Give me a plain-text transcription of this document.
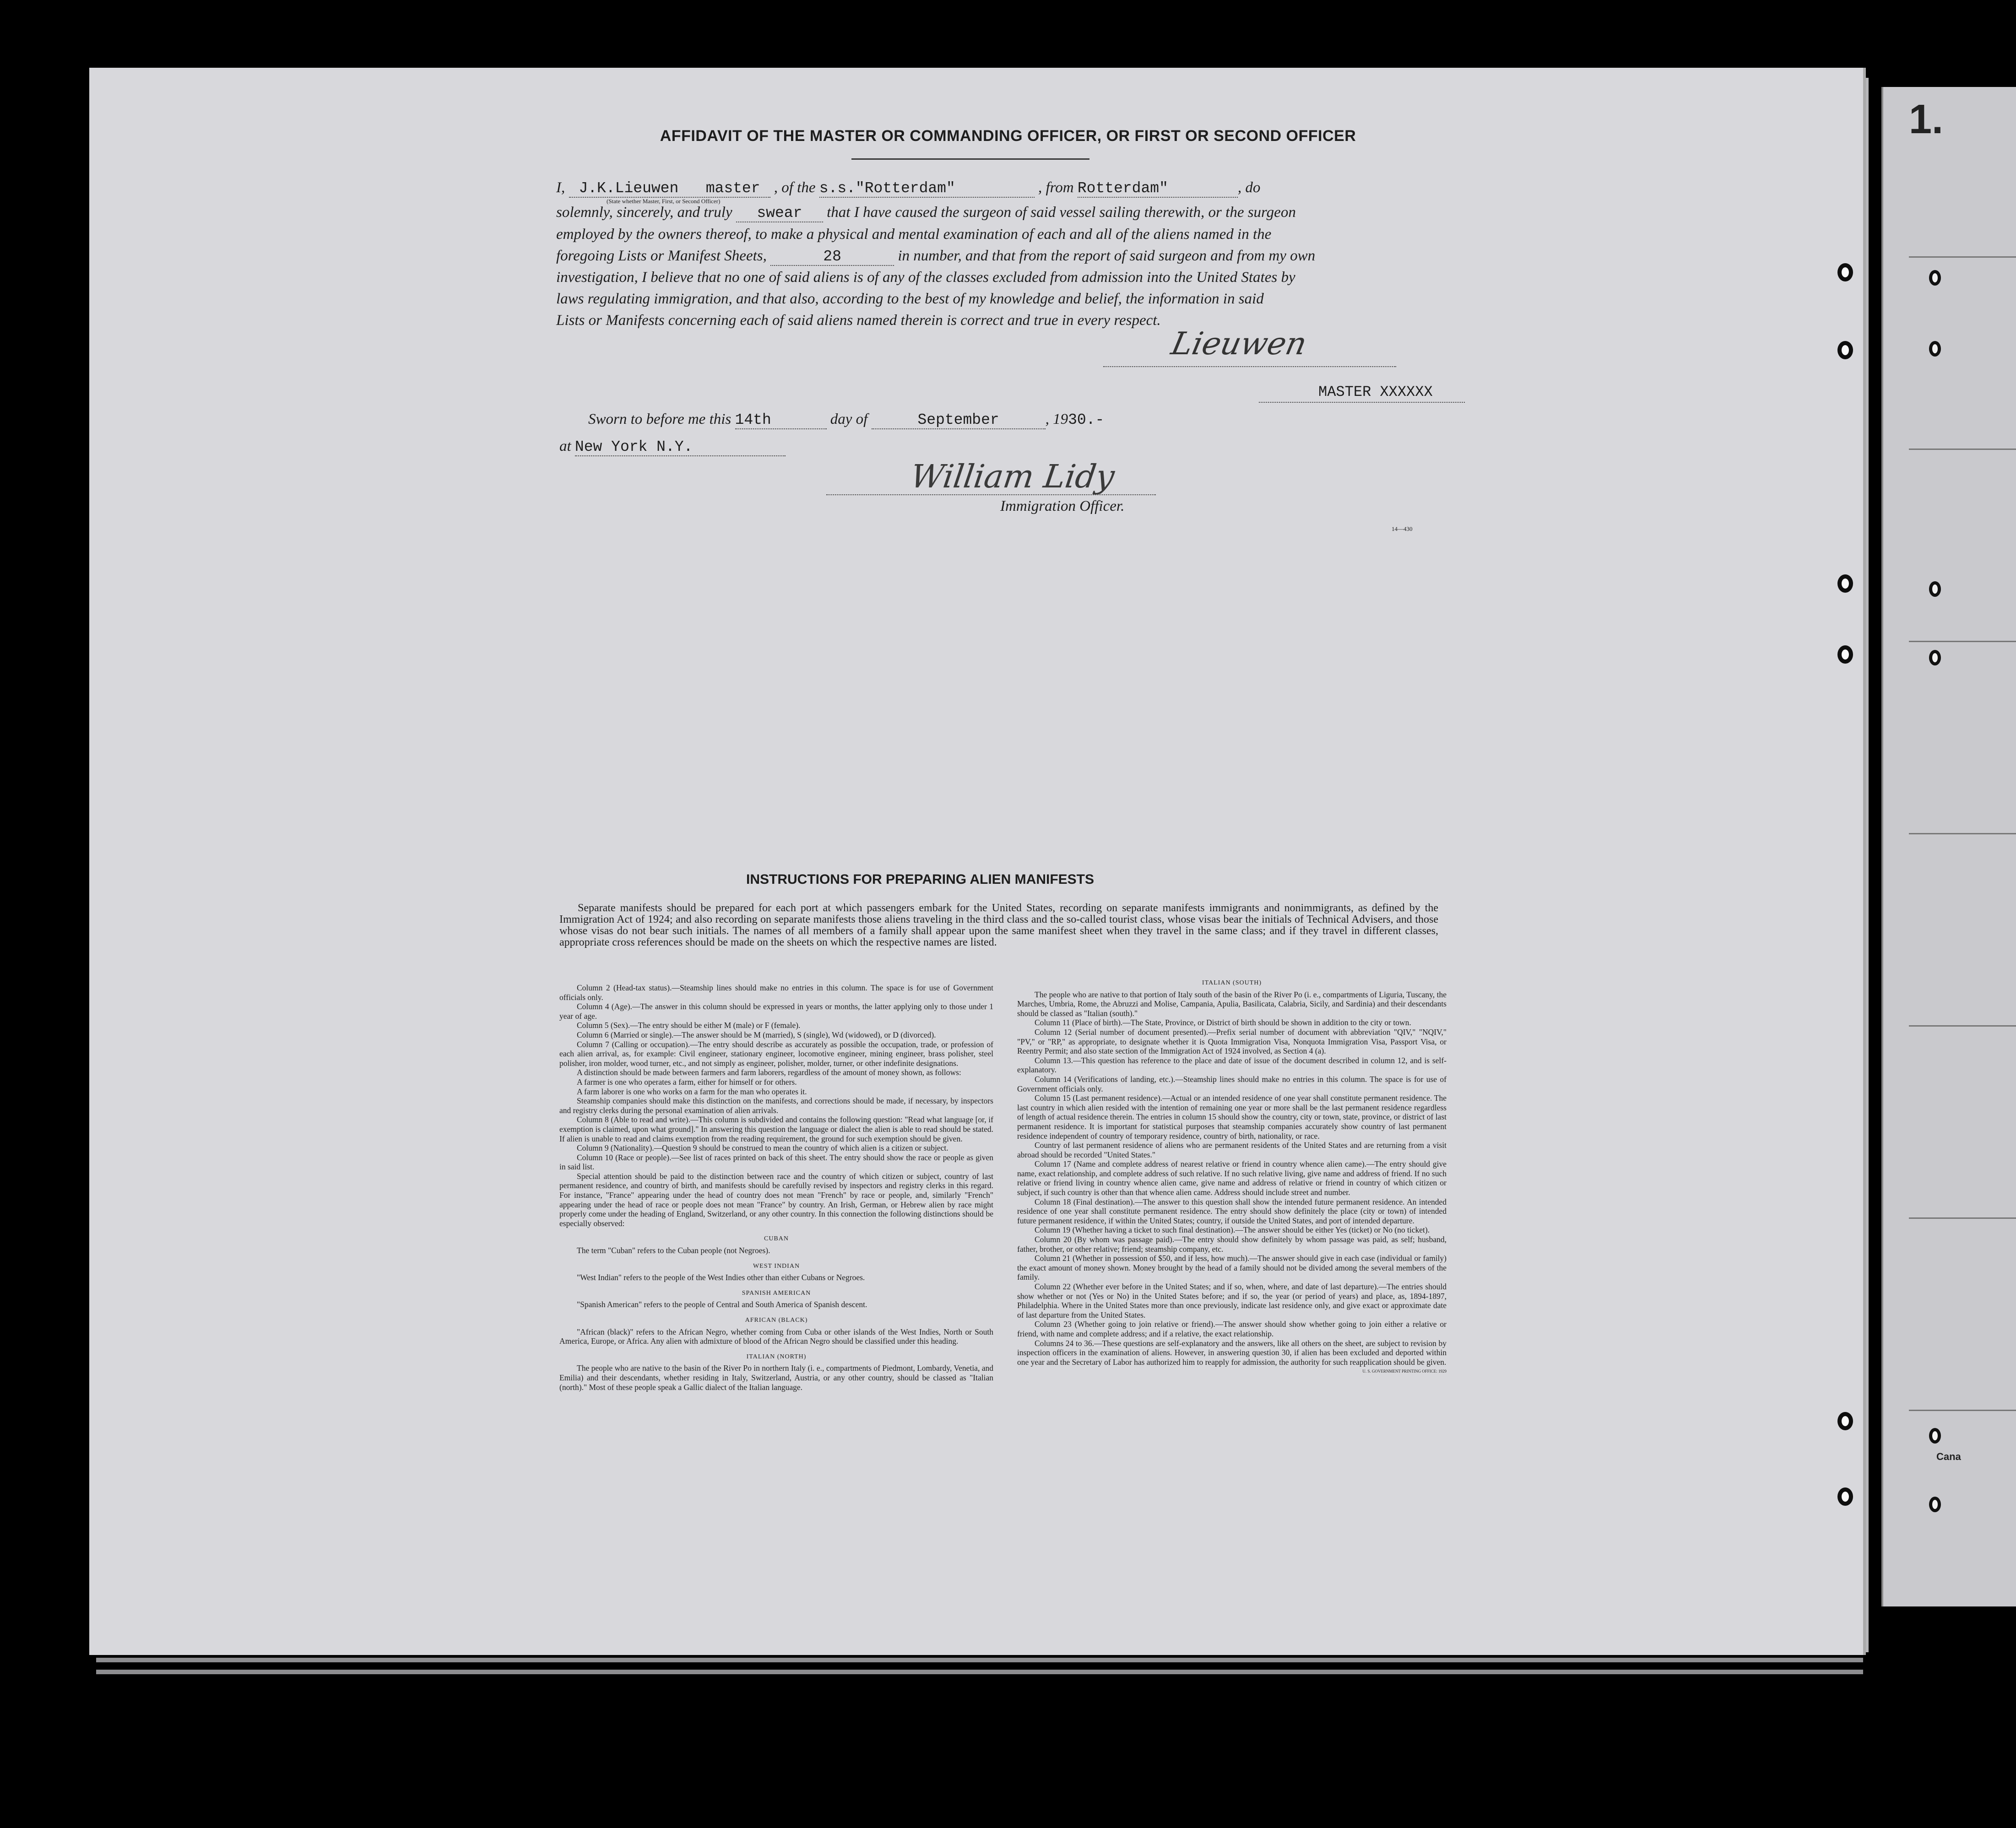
1.
Cana
AFFIDAVIT OF THE MASTER OR COMMANDING OFFICER, OR FIRST OR SECOND OFFICER
I, J.K.Lieuwen master , of the s.s."Rotterdam"	, from Rotterdam"	, do
(State whether Master, First, or Second Officer)
solemnly, sincerely, and truly swear that I have caused the surgeon of said vessel sailing therewith, or the surgeon
employed by the owners thereof, to make a physical and mental examination of each and all of the aliens named in the
foregoing Lists or Manifest Sheets,	28	in number, and that from the report of said surgeon and from my own
investigation, I believe that no one of said aliens is of any of the classes excluded from admission into the United States by
laws regulating immigration, and that also, according to the best of my knowledge and belief, the information in said
Lists or Manifests concerning each of said aliens named therein is correct and true in every respect.
Lieuwen
MASTER XXXXXX
Sworn to before me this 14th	day of	September	, 1930.-
at New York N.Y.
William Lidy
Immigration Officer.
14—430
INSTRUCTIONS FOR PREPARING ALIEN MANIFESTS
Separate manifests should be prepared for each port at which passengers embark for the United States, recording on separate manifests immigrants and nonimmigrants, as defined by the Immigration Act of 1924; and also recording on separate manifests those aliens traveling in the third class and the so-called tourist class, whose visas bear the initials of Technical Advisers, and those whose visas do not bear such initials. The names of all members of a family shall appear upon the same manifest sheet when they travel in the same class; and if they travel in different classes, appropriate cross references should be made on the sheets on which the respective names are listed.

Column 2 (Head-tax status).—Steamship lines should make no entries in this column. The space is for use of Government officials only.

Column 4 (Age).—The answer in this column should be expressed in years or months, the latter applying only to those under 1 year of age.

Column 5 (Sex).—The entry should be either M (male) or F (female).

Column 6 (Married or single).—The answer should be M (married), S (single), Wd (widowed), or D (divorced).

Column 7 (Calling or occupation).—The entry should describe as accurately as possible the occupation, trade, or profession of each alien arrival, as, for example: Civil engineer, stationary engineer, locomotive engineer, mining engineer, brass polisher, steel polisher, iron molder, wood turner, etc., and not simply as engineer, polisher, molder, turner, or other indefinite designations.

A distinction should be made between farmers and farm laborers, regardless of the amount of money shown, as follows:

A farmer is one who operates a farm, either for himself or for others.

A farm laborer is one who works on a farm for the man who operates it.

Steamship companies should make this distinction on the manifests, and corrections should be made, if necessary, by inspectors and registry clerks during the personal examination of alien arrivals.

Column 8 (Able to read and write).—This column is subdivided and contains the following question: "Read what language [or, if exemption is claimed, upon what ground]." In answering this question the language or dialect the alien is able to read should be stated. If alien is unable to read and claims exemption from the reading requirement, the ground for such exemption should be given.

Column 9 (Nationality).—Question 9 should be construed to mean the country of which alien is a citizen or subject.

Column 10 (Race or people).—See list of races printed on back of this sheet. The entry should show the race or people as given in said list.

Special attention should be paid to the distinction between race and the country of which citizen or subject, country of last permanent residence, and country of birth, and manifests should be carefully revised by inspectors and registry clerks in this regard. For instance, "France" appearing under the head of country does not mean "French" by race or people, and, similarly "French" appearing under the head of race or people does not mean "France" by country. An Irish, German, or Hebrew alien by race might properly come under the heading of England, Switzerland, or any other country. In this connection the following distinctions should be especially observed:

CUBAN

The term "Cuban" refers to the Cuban people (not Negroes).

WEST INDIAN

"West Indian" refers to the people of the West Indies other than either Cubans or Negroes.

SPANISH AMERICAN

"Spanish American" refers to the people of Central and South America of Spanish descent.

AFRICAN (BLACK)

"African (black)" refers to the African Negro, whether coming from Cuba or other islands of the West Indies, North or South America, Europe, or Africa. Any alien with admixture of blood of the African Negro should be classified under this heading.

ITALIAN (NORTH)

The people who are native to the basin of the River Po in northern Italy (i. e., compartments of Piedmont, Lombardy, Venetia, and Emilia) and their descendants, whether residing in Italy, Switzerland, Austria, or any other country, should be classed as "Italian (north)." Most of these people speak a Gallic dialect of the Italian language.

ITALIAN (SOUTH)

The people who are native to that portion of Italy south of the basin of the River Po (i. e., compartments of Liguria, Tuscany, the Marches, Umbria, Rome, the Abruzzi and Molise, Campania, Apulia, Basilicata, Calabria, Sicily, and Sardinia) and their descendants should be classed as "Italian (south)."

Column 11 (Place of birth).—The State, Province, or District of birth should be shown in addition to the city or town.

Column 12 (Serial number of document presented).—Prefix serial number of document with abbreviation "QIV," "NQIV," "PV," or "RP," as appropriate, to designate whether it is Quota Immigration Visa, Nonquota Immigration Visa, Passport Visa, or Reentry Permit; and also state section of the Immigration Act of 1924 involved, as Section 4 (a).

Column 13.—This question has reference to the place and date of issue of the document described in column 12, and is self-explanatory.

Column 14 (Verifications of landing, etc.).—Steamship lines should make no entries in this column. The space is for use of Government officials only.

Column 15 (Last permanent residence).—Actual or an intended residence of one year shall constitute permanent residence. The last country in which alien resided with the intention of remaining one year or more shall be the last permanent residence regardless of length of actual residence therein. The entries in column 15 should show the country, city or town, state, province, or district of last permanent residence. It is important for statistical purposes that steamship companies accurately show country of last permanent residence independent of country of temporary residence, country of birth, nationality, or race.

Country of last permanent residence of aliens who are permanent residents of the United States and are returning from a visit abroad should be recorded "United States."

Column 17 (Name and complete address of nearest relative or friend in country whence alien came).—The entry should give name, exact relationship, and complete address of such relative. If no such relative living, give name and address of friend. If no such relative or friend living in country whence alien came, give name and address of relative or friend in country of which citizen or subject, if such country is other than that whence alien came. Address should include street and number.

Column 18 (Final destination).—The answer to this question shall show the intended future permanent residence. An intended residence of one year shall constitute permanent residence. The entry should show definitely the place (city or town) of intended future permanent residence, if within the United States; country, if outside the United States, and port of intended departure.

Column 19 (Whether having a ticket to such final destination).—The answer should be either Yes (ticket) or No (no ticket).

Column 20 (By whom was passage paid).—The entry should show definitely by whom passage was paid, as self; husband, father, brother, or other relative; friend; steamship company, etc.

Column 21 (Whether in possession of $50, and if less, how much).—The answer should give in each case (individual or family) the exact amount of money shown. Money brought by the head of a family should not be divided among the several members of the family.

Column 22 (Whether ever before in the United States; and if so, when, where, and date of last departure).—The entries should show whether or not (Yes or No) in the United States before; and if so, the year (or period of years) and place, as, 1894-1897, Philadelphia. Where in the United States more than once previously, indicate last residence only, and give exact or approximate date of last departure from the United States.

Column 23 (Whether going to join relative or friend).—The answer should show whether going to join either a relative or friend, with name and complete address; and if a relative, the exact relationship.

Columns 24 to 36.—These questions are self-explanatory and the answers, like all others on the sheet, are subject to revision by inspection officers in the examination of aliens. However, in answering question 30, if alien has been excluded and deported within one year and the Secretary of Labor has authorized him to reapply for admission, the authority for such reapplication should be given.

U. S. GOVERNMENT PRINTING OFFICE: 1929
